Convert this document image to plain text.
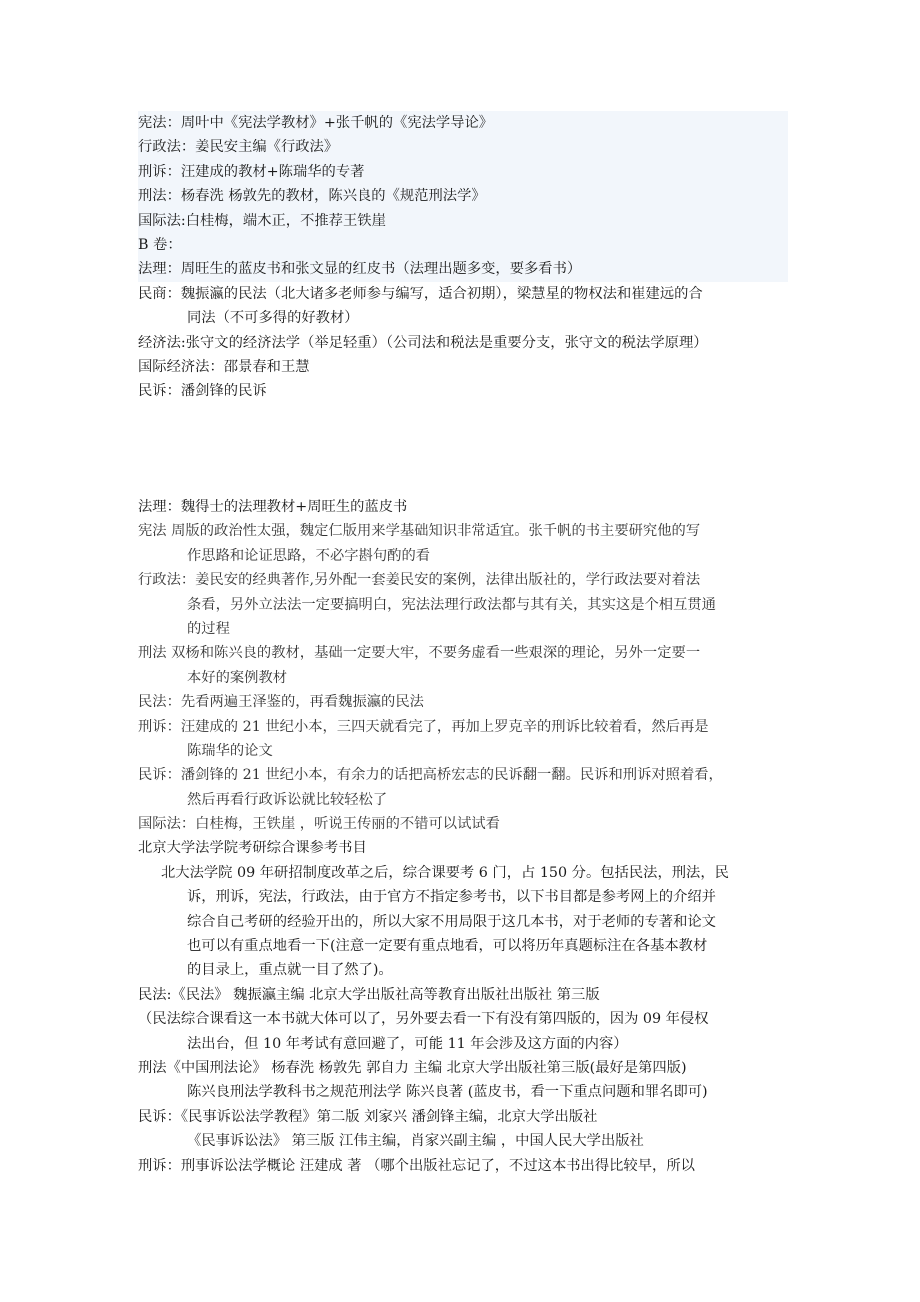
宪法：周叶中《宪法学教材》+张千帆的《宪法学导论》
行政法：姜民安主编《行政法》
刑诉：汪建成的教材+陈瑞华的专著
刑法：杨春洗 杨敦先的教材，陈兴良的《规范刑法学》
国际法:白桂梅，端木正，不推荐王铁崖
B 卷：
法理：周旺生的蓝皮书和张文显的红皮书（法理出题多变，要多看书）
民商：魏振瀛的民法（北大诸多老师参与编写，适合初期），梁慧星的物权法和崔建远的合
同法（不可多得的好教材）
经济法:张守文的经济法学（举足轻重）（公司法和税法是重要分支，张守文的税法学原理）
国际经济法：邵景春和王慧
民诉：潘剑锋的民诉
法理：魏得士的法理教材+周旺生的蓝皮书
宪法 周版的政治性太强，魏定仁版用来学基础知识非常适宜。张千帆的书主要研究他的写
作思路和论证思路，不必字斟句酌的看
行政法：姜民安的经典著作,另外配一套姜民安的案例，法律出版社的，学行政法要对着法
条看，另外立法法一定要搞明白，宪法法理行政法都与其有关，其实这是个相互贯通
的过程
刑法 双杨和陈兴良的教材，基础一定要大牢，不要务虚看一些艰深的理论，另外一定要一
本好的案例教材
民法：先看两遍王泽鉴的，再看魏振瀛的民法
刑诉：汪建成的 21 世纪小本，三四天就看完了，再加上罗克辛的刑诉比较着看，然后再是
陈瑞华的论文
民诉：潘剑锋的 21 世纪小本，有余力的话把高桥宏志的民诉翻一翻。民诉和刑诉对照着看，
然后再看行政诉讼就比较轻松了
国际法：白桂梅，王铁崖 ，听说王传丽的不错可以试试看
北京大学法学院考研综合课参考书目
北大法学院 09 年研招制度改革之后，综合课要考 6 门，占 150 分。包括民法，刑法，民
诉，刑诉，宪法，行政法，由于官方不指定参考书，以下书目都是参考网上的介绍并
综合自己考研的经验开出的，所以大家不用局限于这几本书，对于老师的专著和论文
也可以有重点地看一下(注意一定要有重点地看，可以将历年真题标注在各基本教材
的目录上，重点就一目了然了)。
民法:《民法》 魏振瀛主编 北京大学出版社高等教育出版社出版社 第三版
（民法综合课看这一本书就大体可以了，另外要去看一下有没有第四版的，因为 09 年侵权
法出台，但 10 年考试有意回避了，可能 11 年会涉及这方面的内容）
刑法《中国刑法论》 杨春洗 杨敦先 郭自力 主编 北京大学出版社第三版(最好是第四版)
陈兴良刑法学教科书之规范刑法学 陈兴良著 (蓝皮书，看一下重点问题和罪名即可)
民诉：《民事诉讼法学教程》第二版 刘家兴 潘剑锋主编，北京大学出版社
《民事诉讼法》 第三版 江伟主编，肖家兴副主编 ，中国人民大学出版社
刑诉：刑事诉讼法学概论 汪建成 著 （哪个出版社忘记了，不过这本书出得比较早，所以
